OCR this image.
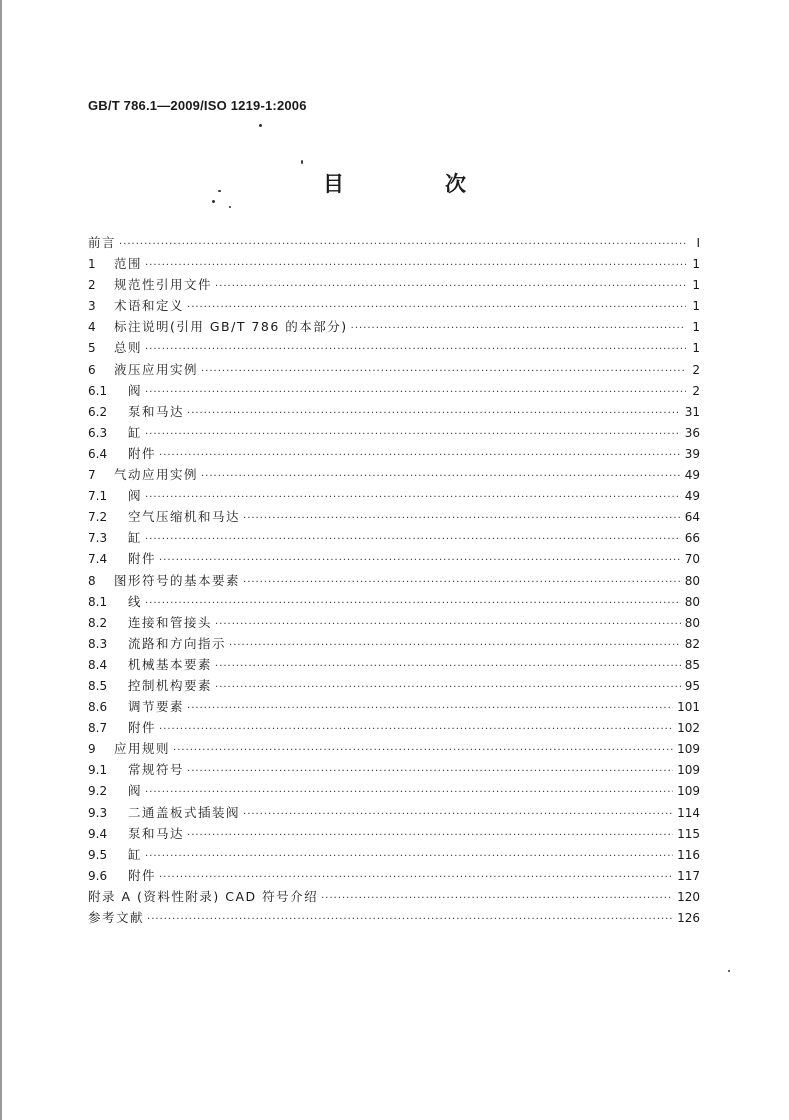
GB/T 786.1—2009/ISO 1219-1:2006
目　次
前言 ·····	Ⅰ
1	范围 ·····	1
2	规范性引用文件 ·····	1
3	术语和定义 ·····	1
4	标注说明(引用 GB/T 786 的本部分) ·····	1
5	总则 ·····	1
6	液压应用实例 ·····	2
6.1	阀 ·····	2
6.2	泵和马达 ·····	31
6.3	缸 ·····	36
6.4	附件 ·····	39
7	气动应用实例 ·····	49
7.1	阀 ·····	49
7.2	空气压缩机和马达 ·····	64
7.3	缸 ·····	66
7.4	附件 ·····	70
8	图形符号的基本要素 ·····	80
8.1	线 ·····	80
8.2	连接和管接头 ·····	80
8.3	流路和方向指示 ·····	82
8.4	机械基本要素 ·····	85
8.5	控制机构要素 ·····	95
8.6	调节要素 ·····	101
8.7	附件 ·····	102
9	应用规则 ·····	109
9.1	常规符号 ·····	109
9.2	阀 ·····	109
9.3	二通盖板式插装阀 ·····	114
9.4	泵和马达 ·····	115
9.5	缸 ·····	116
9.6	附件 ·····	117
附录 A (资料性附录) CAD 符号介绍 ·····	120
参考文献 ·····	126
